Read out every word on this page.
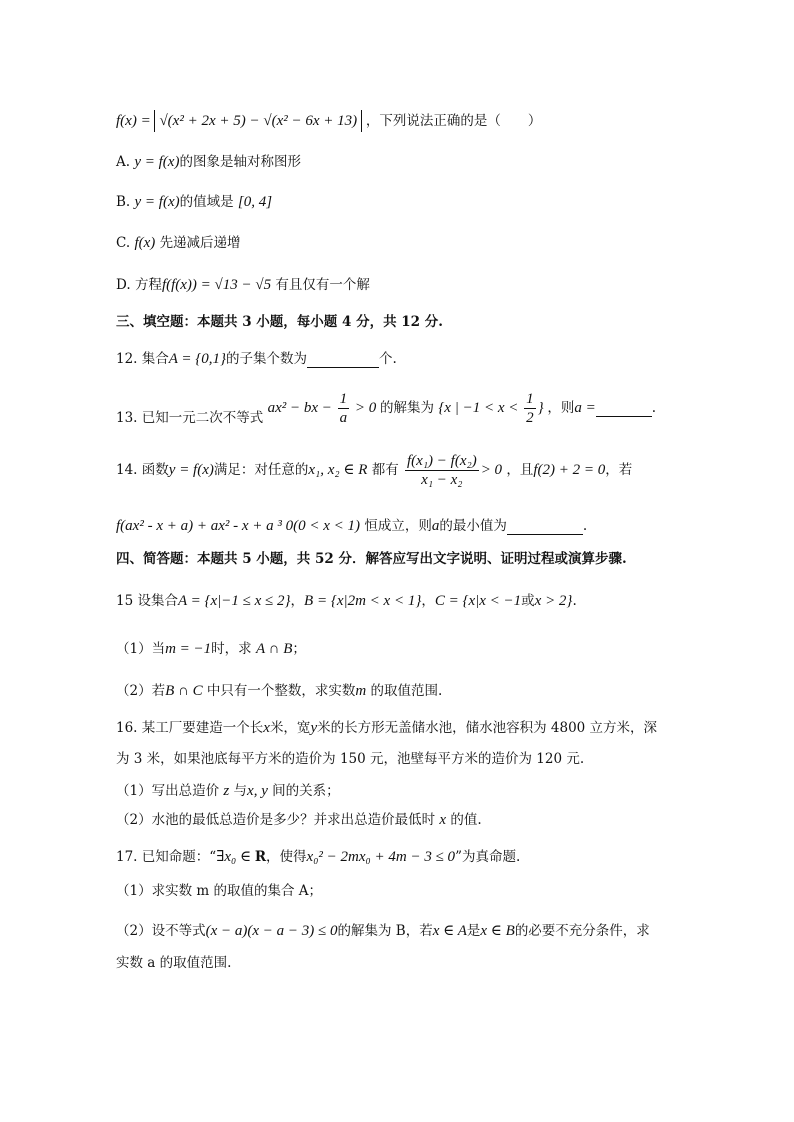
f(x) = √(x² + 2x + 5) − √(x² − 6x + 13) ，下列说法正确的是（　　）
A. y = f(x)的图象是轴对称图形
B. y = f(x)的值域是 [0, 4]
C. f(x) 先递减后递增
D. 方程f(f(x)) = √13 − √5 有且仅有一个解
三、填空题：本题共 3 小题，每小题 4 分，共 12 分.
12. 集合A = {0,1}的子集个数为	个.
13. 已知一元二次不等式 ax² − bx − $\frac{1}{a} > 0$ 的解集为 {x | $-1 < x < \frac{1}{2}$ } ，则a =	.
14. 函数y = f(x)满足：对任意的x₁, x₂ ∈ R 都有 $\frac{\text{f(x₁) − f(x₂)}}{\text{x₁ − x₂}} > 0$ ，且f(2) + 2 = 0，若
f(ax² - x + a) + ax² - x + a ³ 0(0 < x < 1) 恒成立，则a的最小值为	.
四、简答题：本题共 5 小题，共 52 分．解答应写出文字说明、证明过程或演算步骤.
15 设集合A = {x|−1 ≤ x ≤ 2}，B = {x|2m < x < 1}，C = {x|x < −1或x > 2}.
（1）当m = −1时，求 A ∩ B；
（2）若B ∩ C 中只有一个整数，求实数m 的取值范围.
16. 某工厂要建造一个长x米，宽y米的长方形无盖储水池，储水池容积为 4800 立方米，深
为 3 米，如果池底每平方米的造价为 150 元，池壁每平方米的造价为 120 元.
（1）写出总造价 z 与x, y 间的关系；
（2）水池的最低总造价是多少？并求出总造价最低时 x 的值.
17. 已知命题：“∃x₀ ∈ R，使得x₀² − 2mx₀ + 4m − 3 ≤ 0”为真命题.
（1）求实数 m 的取值的集合 A；
（2）设不等式(x − a)(x − a − 3) ≤ 0的解集为 B，若x ∈ A是x ∈ B的必要不充分条件，求
实数 a 的取值范围.
